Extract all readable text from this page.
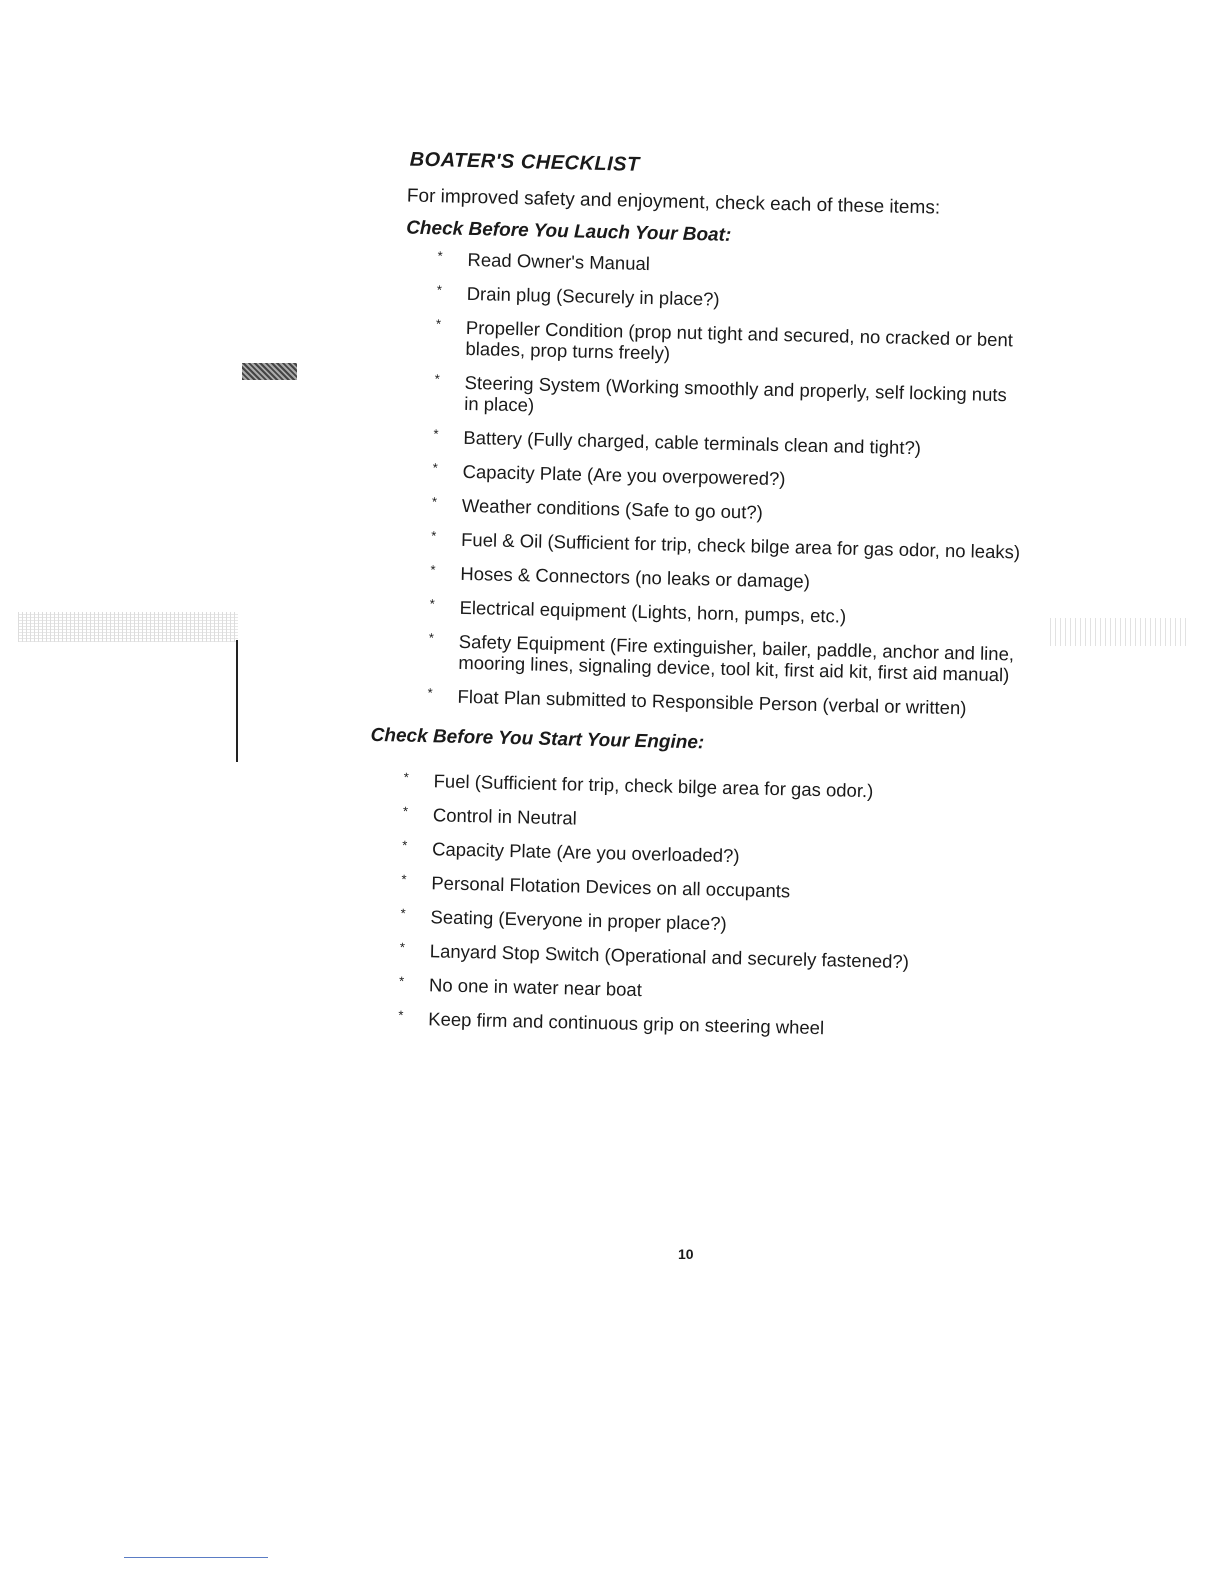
BOATER'S CHECKLIST
For improved safety and enjoyment, check each of these items:
Check Before You Lauch Your Boat:
* Read Owner's Manual
* Drain plug (Securely in place?)
* Propeller Condition (prop nut tight and secured, no cracked or bent blades, prop turns freely)
* Steering System (Working smoothly and properly, self locking nuts in place)
* Battery (Fully charged, cable terminals clean and tight?)
* Capacity Plate (Are you overpowered?)
* Weather conditions (Safe to go out?)
* Fuel & Oil (Sufficient for trip, check bilge area for gas odor, no leaks)
* Hoses & Connectors (no leaks or damage)
* Electrical equipment (Lights, horn, pumps, etc.)
* Safety Equipment (Fire extinguisher, bailer, paddle, anchor and line, mooring lines, signaling device, tool kit, first aid kit, first aid manual)
* Float Plan submitted to Responsible Person (verbal or written)
Check Before You Start Your Engine:
* Fuel (Sufficient for trip, check bilge area for gas odor.)
* Control in Neutral
* Capacity Plate (Are you overloaded?)
* Personal Flotation Devices on all occupants
* Seating (Everyone in proper place?)
* Lanyard Stop Switch (Operational and securely fastened?)
* No one in water near boat
* Keep firm and continuous grip on steering wheel
10
